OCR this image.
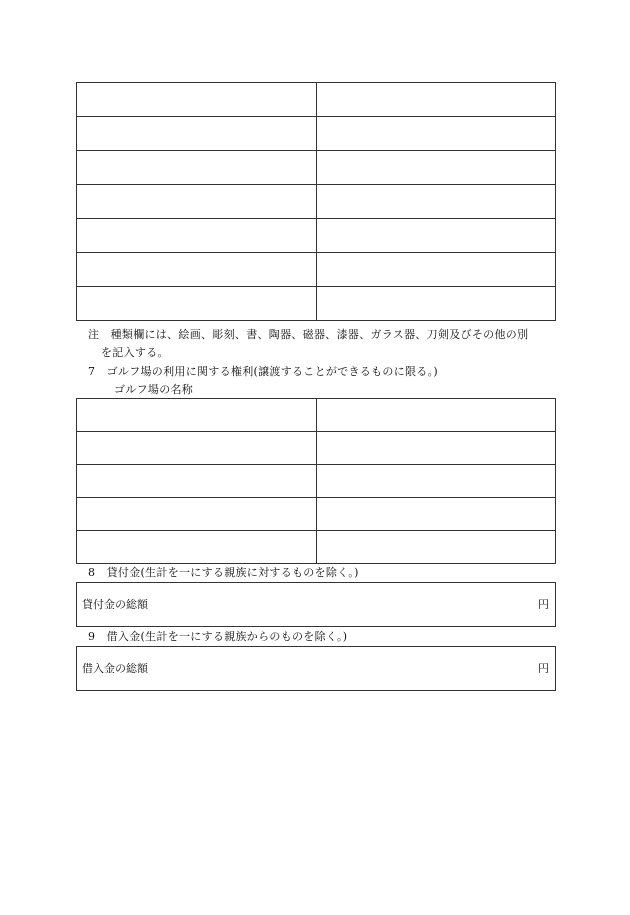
注　種類欄には、絵画、彫刻、書、陶器、磁器、漆器、ガラス器、刀剣及びその他の別
を記入する。
7　ゴルフ場の利用に関する権利(譲渡することができるものに限る。)
ゴルフ場の名称

8　貸付金(生計を一にする親族に対するものを除く。)
貸付金の総額	円
9　借入金(生計を一にする親族からのものを除く。)
借入金の総額	円
